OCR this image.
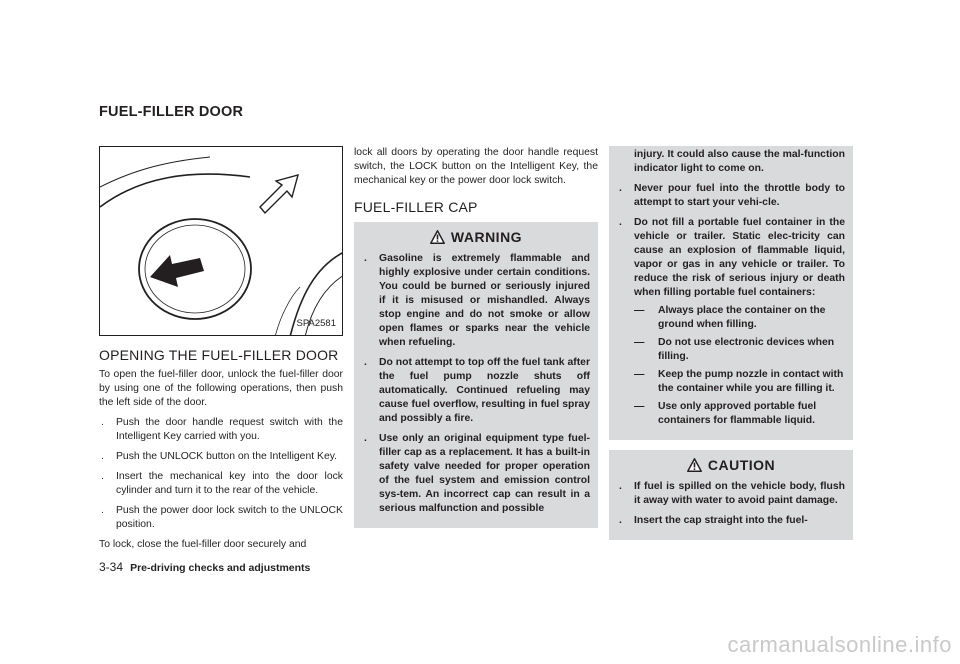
FUEL-FILLER DOOR
SPA2581
OPENING THE FUEL-FILLER DOOR

To open the fuel-filler door, unlock the fuel-filler door by using one of the following operations, then push the left side of the door.

. Push the door handle request switch with the Intelligent Key carried with you.
. Push the UNLOCK button on the Intelligent Key.
. Insert the mechanical key into the door lock cylinder and turn it to the rear of the vehicle.
. Push the power door lock switch to the UNLOCK position.

To lock, close the fuel-filler door securely and

lock all doors by operating the door handle request switch, the LOCK button on the Intelligent Key, the mechanical key or the power door lock switch.

FUEL-FILLER CAP
WARNING
. Gasoline is extremely flammable and highly explosive under certain conditions. You could be burned or seriously injured if it is misused or mishandled. Always stop engine and do not smoke or allow open flames or sparks near the vehicle when refueling.
. Do not attempt to top off the fuel tank after the fuel pump nozzle shuts off automatically. Continued refueling may cause fuel overflow, resulting in fuel spray and possibly a fire.
. Use only an original equipment type fuel-filler cap as a replacement. It has a built-in safety valve needed for proper operation of the fuel system and emission control sys-tem. An incorrect cap can result in a serious malfunction and possible
injury. It could also cause the mal-function indicator light to come on.
. Never pour fuel into the throttle body to attempt to start your vehi-cle.
. Do not fill a portable fuel container in the vehicle or trailer. Static elec-tricity can cause an explosion of flammable liquid, vapor or gas in any vehicle or trailer. To reduce the risk of serious injury or death when filling portable fuel containers:
— Always place the container on the ground when filling.
— Do not use electronic devices when filling.
— Keep the pump nozzle in contact with the container while you are filling it.
— Use only approved portable fuel containers for flammable liquid.
CAUTION
. If fuel is spilled on the vehicle body, flush it away with water to avoid paint damage.
. Insert the cap straight into the fuel-
3-34 Pre-driving checks and adjustments
carmanualsonline.info
